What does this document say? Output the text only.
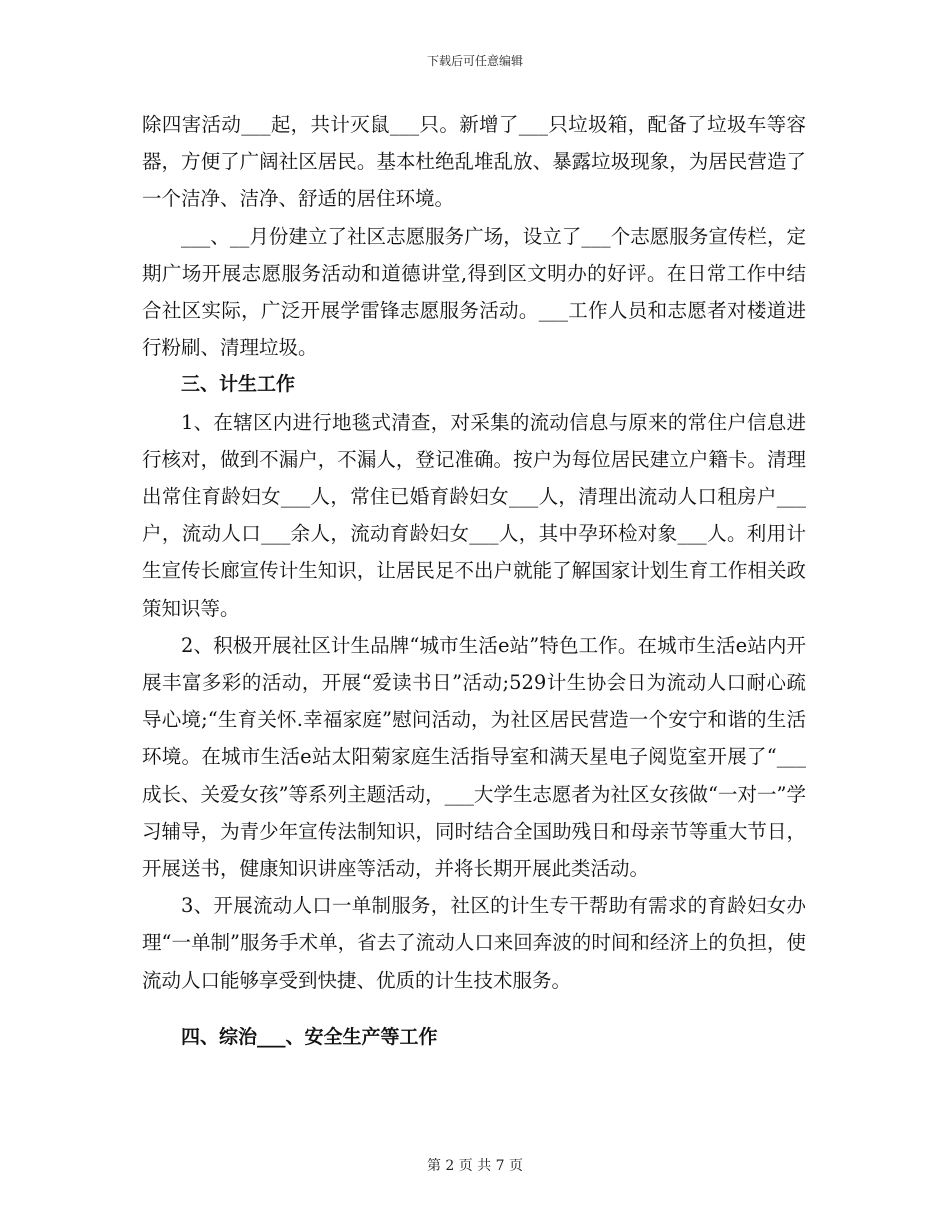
下载后可任意编辑

除四害活动___起，共计灭鼠___只。新增了___只垃圾箱，配备了垃圾车等容器，方便了广阔社区居民。基本杜绝乱堆乱放、暴露垃圾现象，为居民营造了一个洁净、洁净、舒适的居住环境。

___、__月份建立了社区志愿服务广场，设立了___个志愿服务宣传栏，定期广场开展志愿服务活动和道德讲堂,得到区文明办的好评。在日常工作中结合社区实际，广泛开展学雷锋志愿服务活动。___工作人员和志愿者对楼道进行粉刷、清理垃圾。

三、计生工作

1、在辖区内进行地毯式清查，对采集的流动信息与原来的常住户信息进行核对，做到不漏户，不漏人，登记准确。按户为每位居民建立户籍卡。清理出常住育龄妇女___人，常住已婚育龄妇女___人，清理出流动人口租房户___户，流动人口___余人，流动育龄妇女___人，其中孕环检对象___人。利用计生宣传长廊宣传计生知识，让居民足不出户就能了解国家计划生育工作相关政策知识等。

2、积极开展社区计生品牌“城市生活e站”特色工作。在城市生活e站内开展丰富多彩的活动，开展“爱读书日”活动;529计生协会日为流动人口耐心疏导心境;“生育关怀.幸福家庭”慰问活动，为社区居民营造一个安宁和谐的生活环境。在城市生活e站太阳菊家庭生活指导室和满天星电子阅览室开展了“___成长、关爱女孩”等系列主题活动，___大学生志愿者为社区女孩做“一对一”学习辅导，为青少年宣传法制知识，同时结合全国助残日和母亲节等重大节日，开展送书，健康知识讲座等活动，并将长期开展此类活动。

3、开展流动人口一单制服务，社区的计生专干帮助有需求的育龄妇女办理“一单制”服务手术单，省去了流动人口来回奔波的时间和经济上的负担，使流动人口能够享受到快捷、优质的计生技术服务。

四、综治___、安全生产等工作

第 2 页 共 7 页
